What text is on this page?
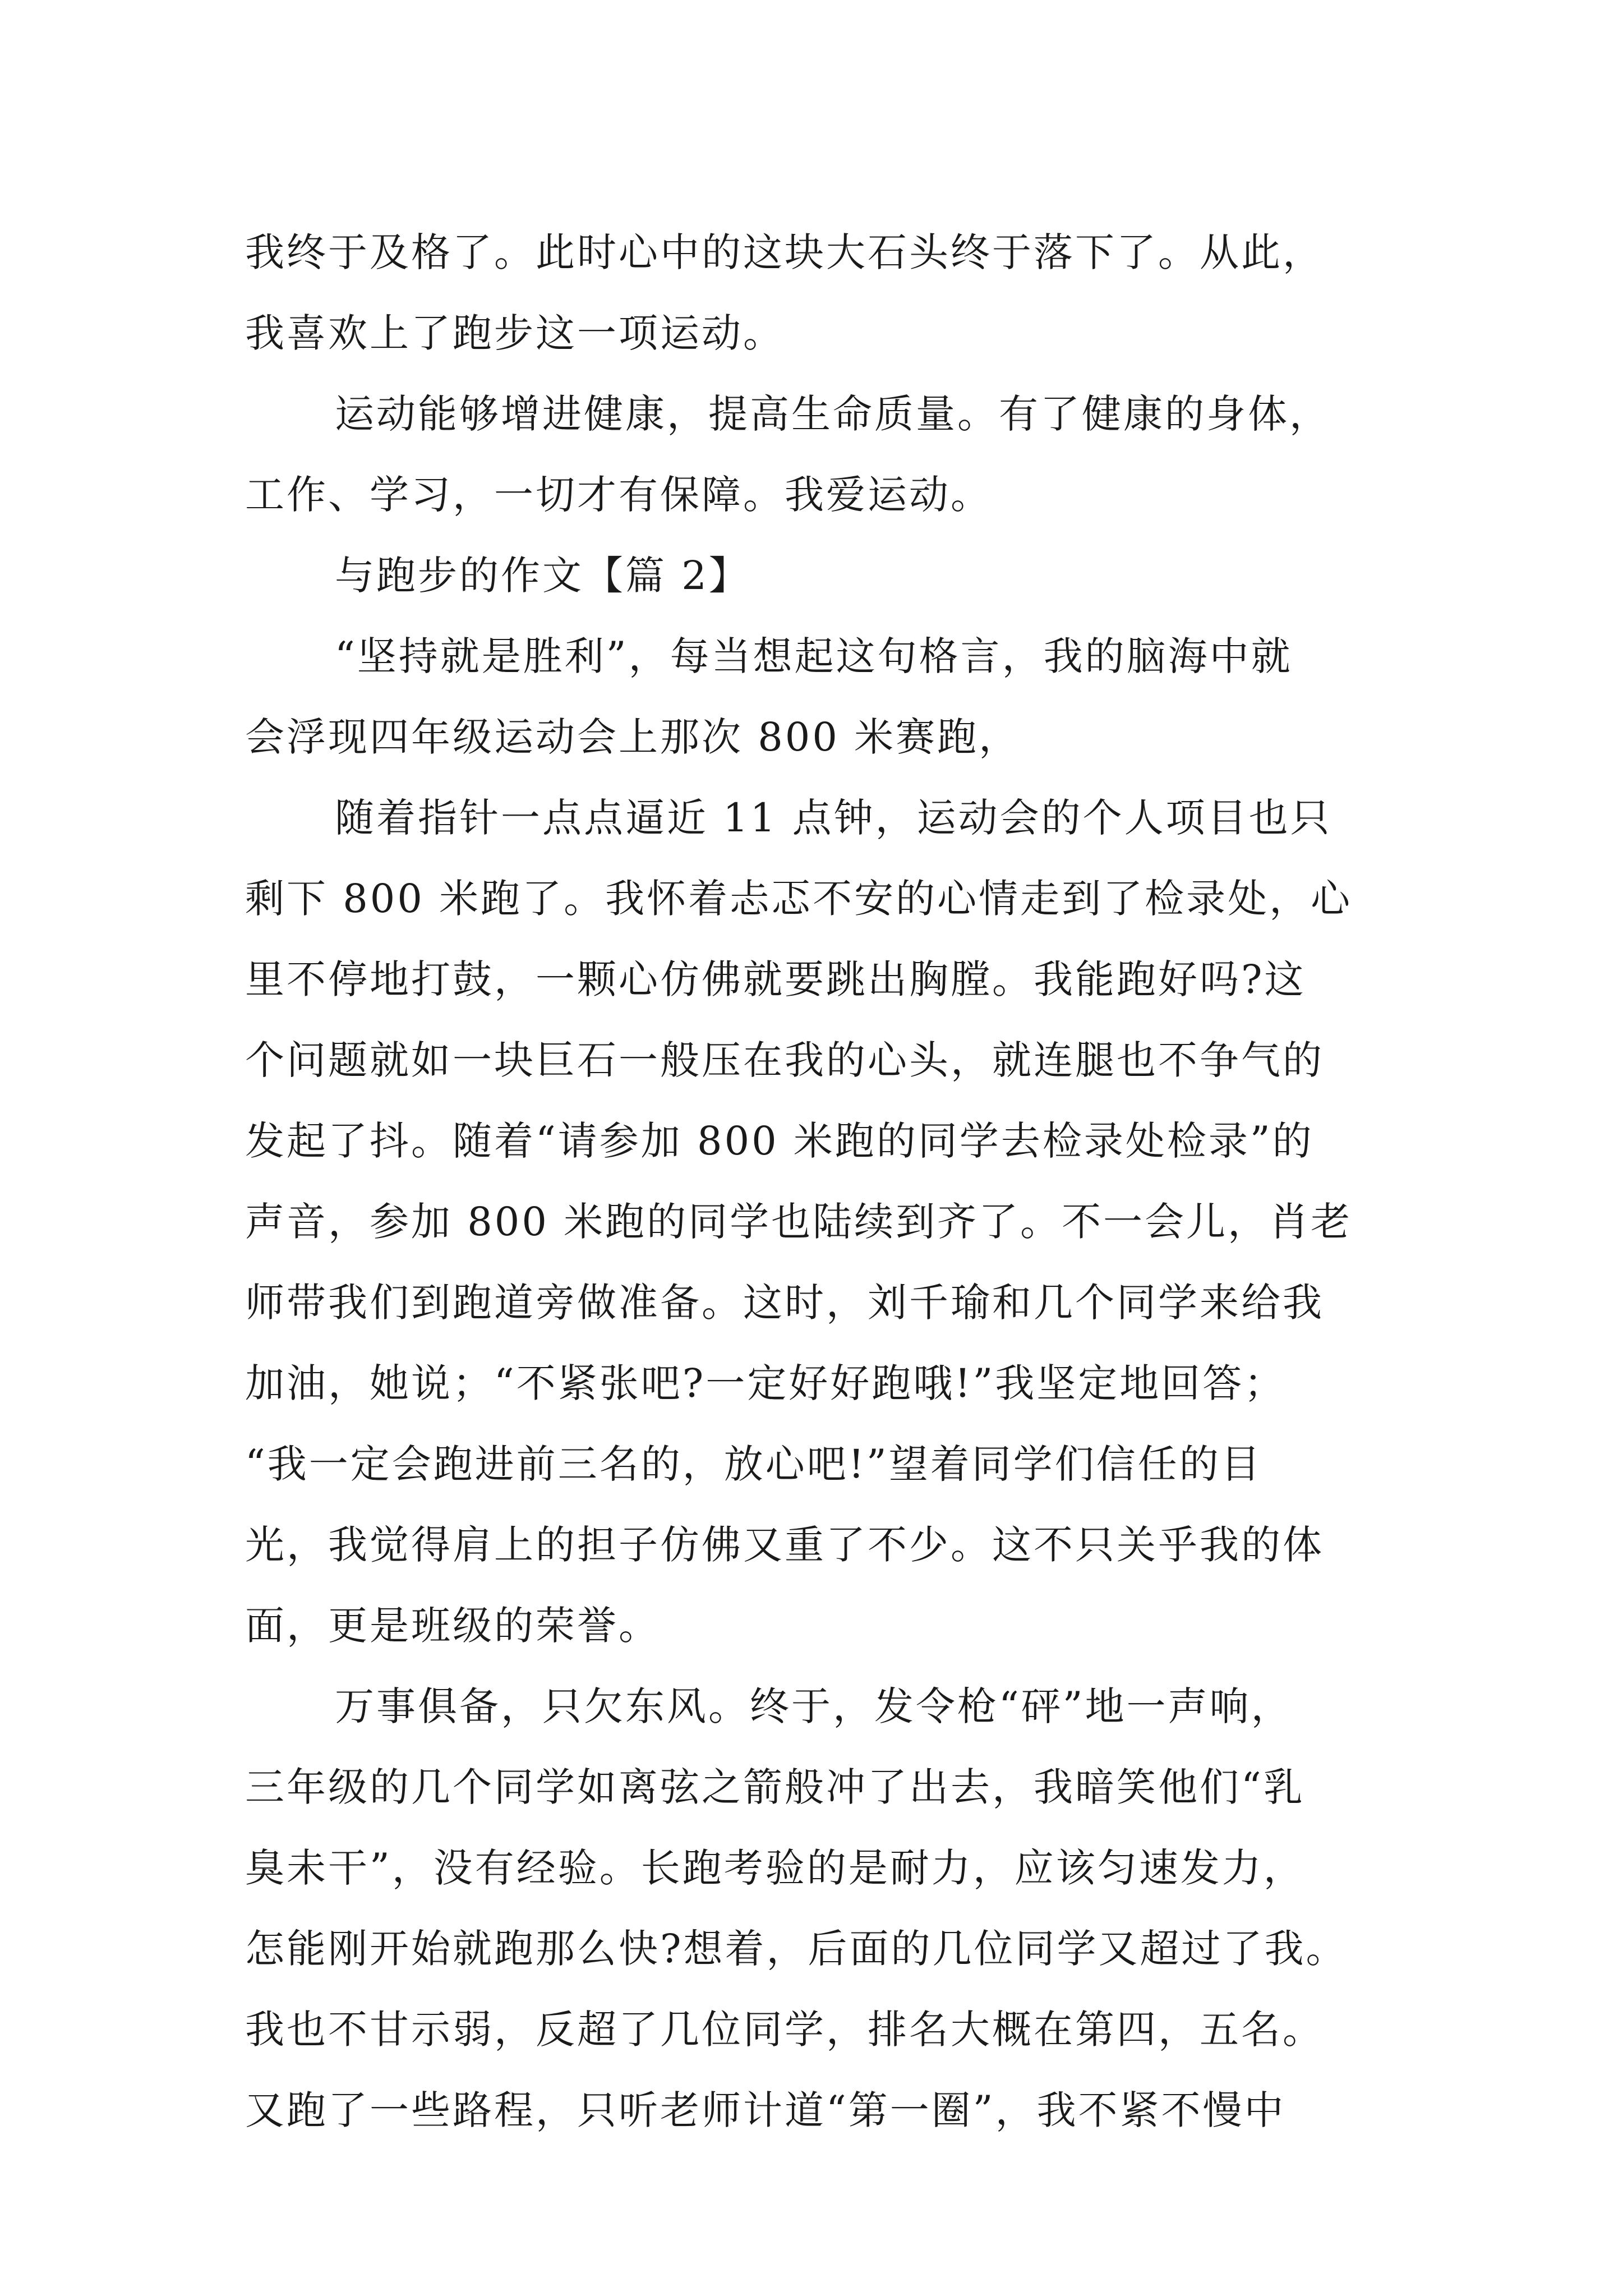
我终于及格了。此时心中的这块大石头终于落下了。从此，
我喜欢上了跑步这一项运动。
运动能够增进健康，提高生命质量。有了健康的身体，
工作、学习，一切才有保障。我爱运动。
与跑步的作文【篇 2】
“坚持就是胜利”，每当想起这句格言，我的脑海中就
会浮现四年级运动会上那次 800 米赛跑，
随着指针一点点逼近 11 点钟，运动会的个人项目也只
剩下 800 米跑了。我怀着忐忑不安的心情走到了检录处，心
里不停地打鼓，一颗心仿佛就要跳出胸膛。我能跑好吗?这
个问题就如一块巨石一般压在我的心头，就连腿也不争气的
发起了抖。随着“请参加 800 米跑的同学去检录处检录”的
声音，参加 800 米跑的同学也陆续到齐了。不一会儿，肖老
师带我们到跑道旁做准备。这时，刘千瑜和几个同学来给我
加油，她说；“不紧张吧?一定好好跑哦!”我坚定地回答；
“我一定会跑进前三名的，放心吧!”望着同学们信任的目
光，我觉得肩上的担子仿佛又重了不少。这不只关乎我的体
面，更是班级的荣誉。
万事俱备，只欠东风。终于，发令枪“砰”地一声响，
三年级的几个同学如离弦之箭般冲了出去，我暗笑他们“乳
臭未干”，没有经验。长跑考验的是耐力，应该匀速发力，
怎能刚开始就跑那么快?想着，后面的几位同学又超过了我。
我也不甘示弱，反超了几位同学，排名大概在第四，五名。
又跑了一些路程，只听老师计道“第一圈”，我不紧不慢中
